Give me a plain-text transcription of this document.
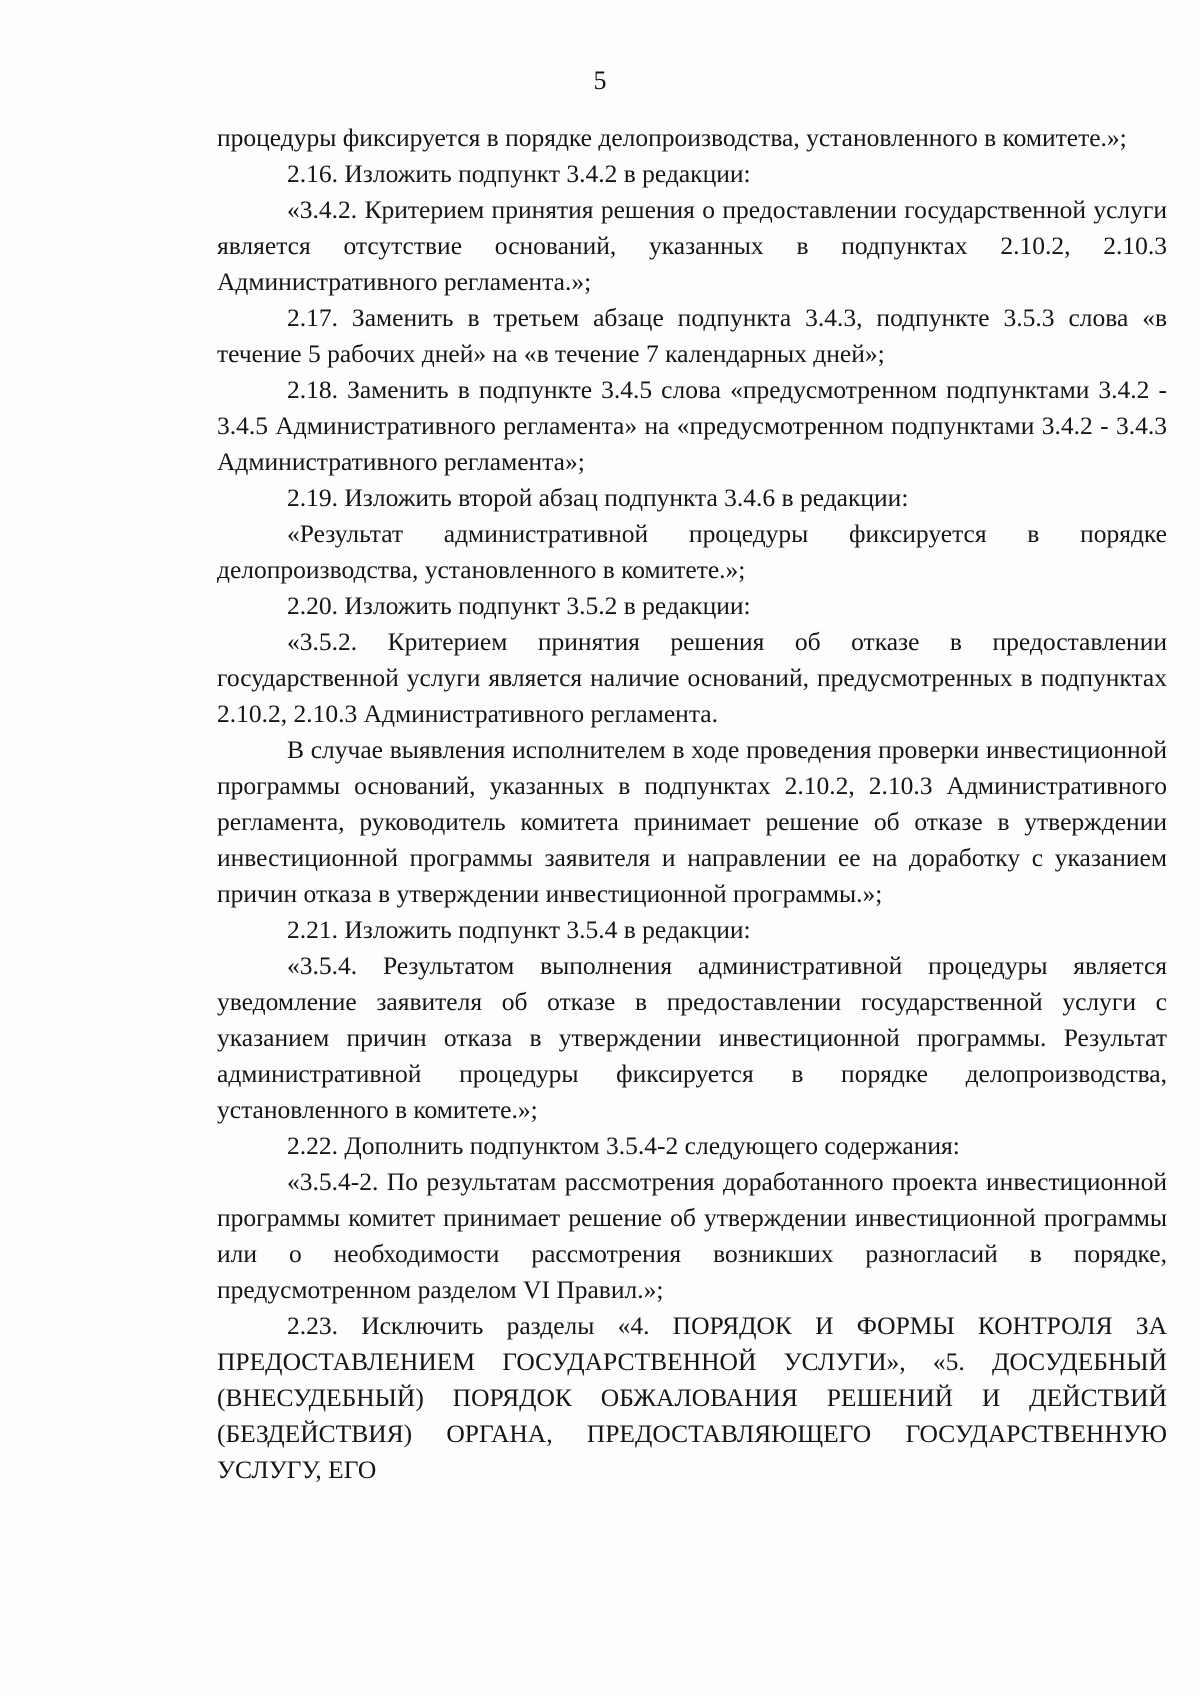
5

процедуры фиксируется в порядке делопроизводства, установленного в комитете.»;

2.16. Изложить подпункт 3.4.2 в редакции:

«3.4.2. Критерием принятия решения о предоставлении государственной услуги является отсутствие оснований, указанных в подпунктах 2.10.2, 2.10.3 Административного регламента.»;

2.17. Заменить в третьем абзаце подпункта 3.4.3, подпункте 3.5.3 слова «в течение 5 рабочих дней» на «в течение 7 календарных дней»;

2.18. Заменить в подпункте 3.4.5 слова «предусмотренном подпунктами 3.4.2 - 3.4.5 Административного регламента» на «предусмотренном подпунктами 3.4.2 - 3.4.3 Административного регламента»;

2.19. Изложить второй абзац подпункта 3.4.6 в редакции:

«Результат административной процедуры фиксируется в порядке делопроизводства, установленного в комитете.»;

2.20. Изложить подпункт 3.5.2 в редакции:

«3.5.2. Критерием принятия решения об отказе в предоставлении государственной услуги является наличие оснований, предусмотренных в подпунктах 2.10.2, 2.10.3 Административного регламента.

В случае выявления исполнителем в ходе проведения проверки инвестиционной программы оснований, указанных в подпунктах 2.10.2, 2.10.3 Административного регламента, руководитель комитета принимает решение об отказе в утверждении инвестиционной программы заявителя и направлении ее на доработку с указанием причин отказа в утверждении инвестиционной программы.»;

2.21. Изложить подпункт 3.5.4 в редакции:

«3.5.4. Результатом выполнения административной процедуры является уведомление заявителя об отказе в предоставлении государственной услуги с указанием причин отказа в утверждении инвестиционной программы. Результат административной процедуры фиксируется в порядке делопроизводства, установленного в комитете.»;

2.22. Дополнить подпунктом 3.5.4-2 следующего содержания:

«3.5.4-2. По результатам рассмотрения доработанного проекта инвестиционной программы комитет принимает решение об утверждении инвестиционной программы или о необходимости рассмотрения возникших разногласий в порядке, предусмотренном разделом VI Правил.»;

2.23. Исключить разделы «4. ПОРЯДОК И ФОРМЫ КОНТРОЛЯ ЗА ПРЕДОСТАВЛЕНИЕМ ГОСУДАРСТВЕННОЙ УСЛУГИ», «5. ДОСУДЕБНЫЙ (ВНЕСУДЕБНЫЙ) ПОРЯДОК ОБЖАЛОВАНИЯ РЕШЕНИЙ И ДЕЙСТВИЙ (БЕЗДЕЙСТВИЯ) ОРГАНА, ПРЕДОСТАВЛЯЮЩЕГО ГОСУДАРСТВЕННУЮ УСЛУГУ, ЕГО
